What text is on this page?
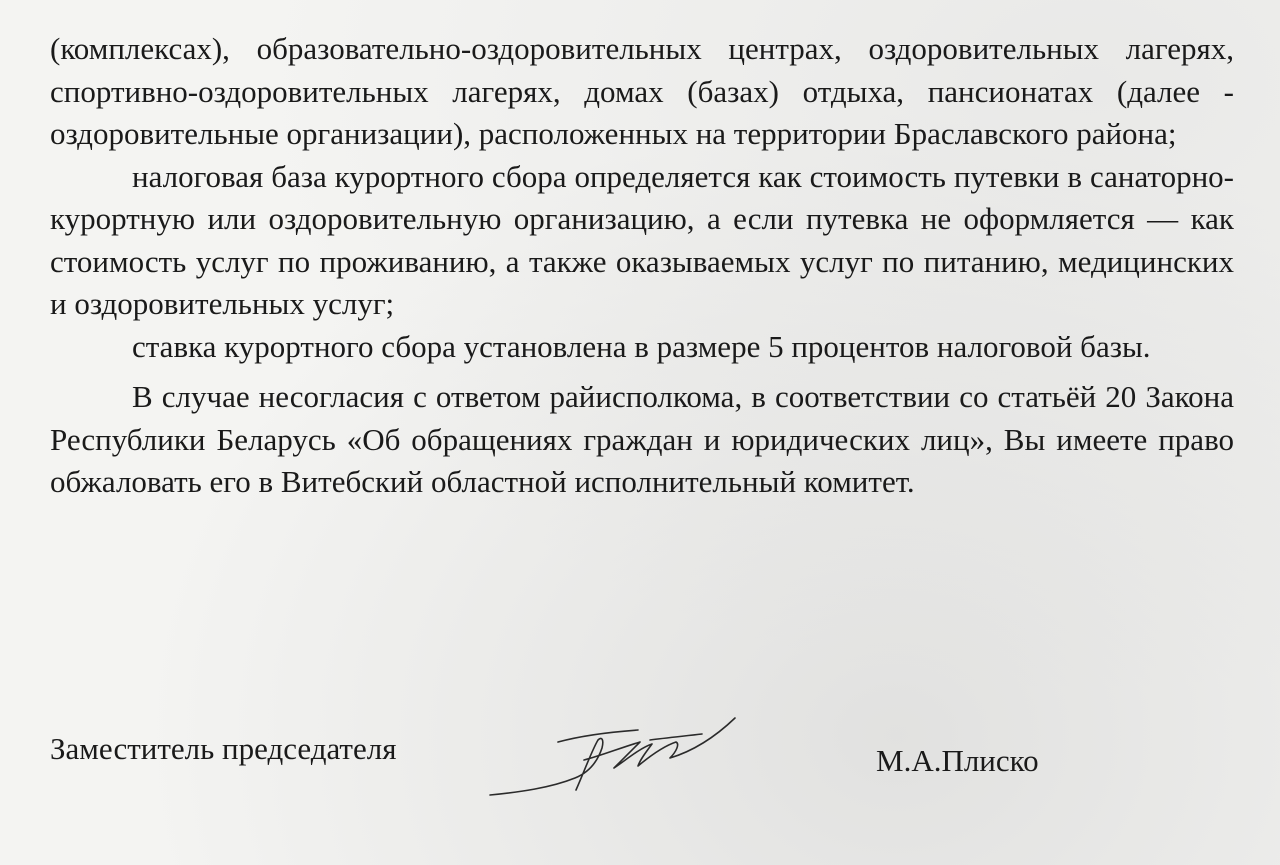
(комплексах), образовательно-оздоровительных центрах, оздоровительных лагерях, спортивно-оздоровительных лагерях, домах (базах) отдыха, пансионатах (далее - оздоровительные организации), расположенных на территории Браславского района;

налоговая база курортного сбора определяется как стоимость путевки в санаторно-курортную или оздоровительную организацию, а если путевка не оформляется — как стоимость услуг по проживанию, а также оказываемых услуг по питанию, медицинских и оздоровительных услуг;

ставка курортного сбора установлена в размере 5 процентов налоговой базы.

В случае несогласия с ответом райисполкома, в соответствии со статьёй 20 Закона Республики Беларусь «Об обращениях граждан и юридических лиц», Вы имеете право обжаловать его в Витебский областной исполнительный комитет.

Заместитель председателя	М.А.Плиско
